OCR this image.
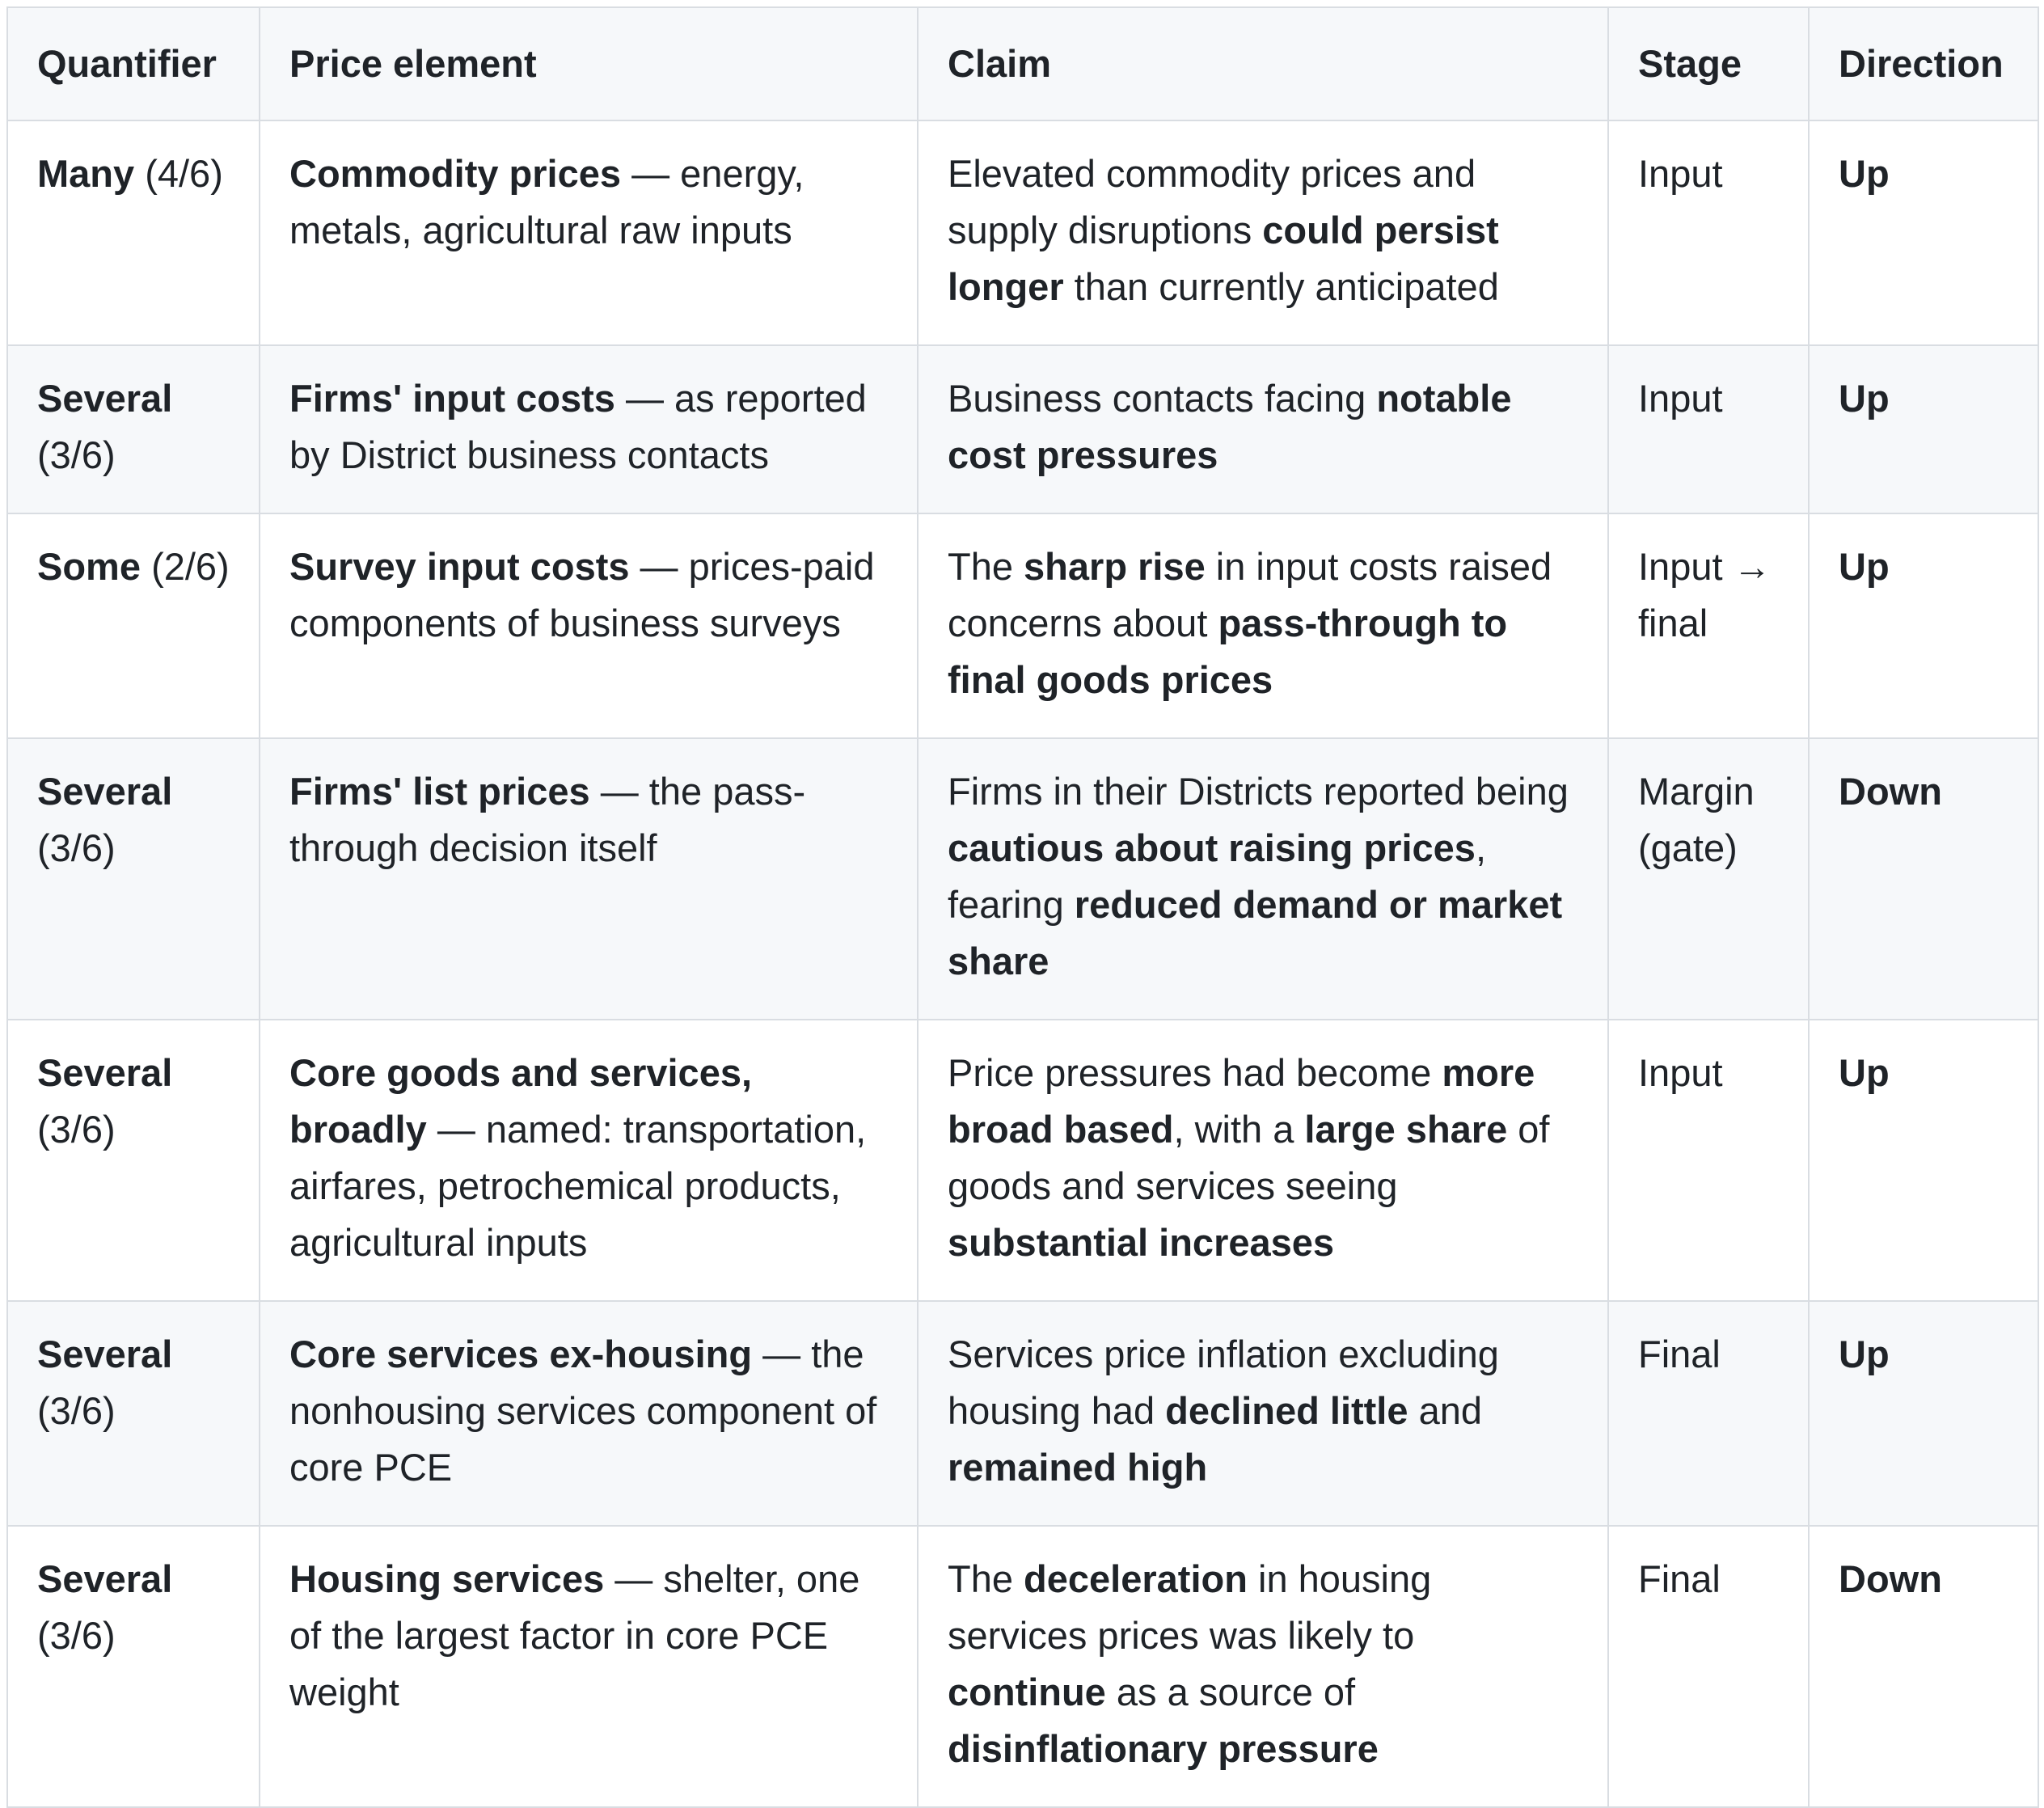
Quantifier	Price element	Claim	Stage	Direction
Many (4/6)	Commodity prices — energy, metals, agricultural raw inputs	Elevated commodity prices and supply disruptions could persist longer than currently anticipated	Input	Up
Several (3/6)	Firms' input costs — as reported by District business contacts	Business contacts facing notable cost pressures	Input	Up
Some (2/6)	Survey input costs — prices-paid components of business surveys	The sharp rise in input costs raised concerns about pass-through to final goods prices	Input → final	Up
Several (3/6)	Firms' list prices — the pass-through decision itself	Firms in their Districts reported being cautious about raising prices, fearing reduced demand or market share	Margin (gate)	Down
Several (3/6)	Core goods and services, broadly — named: transportation, airfares, petrochemical products, agricultural inputs	Price pressures had become more broad based, with a large share of goods and services seeing substantial increases	Input	Up
Several (3/6)	Core services ex-housing — the nonhousing services component of core PCE	Services price inflation excluding housing had declined little and remained high	Final	Up
Several (3/6)	Housing services — shelter, one of the largest factor in core PCE weight	The deceleration in housing services prices was likely to continue as a source of disinflationary pressure	Final	Down
